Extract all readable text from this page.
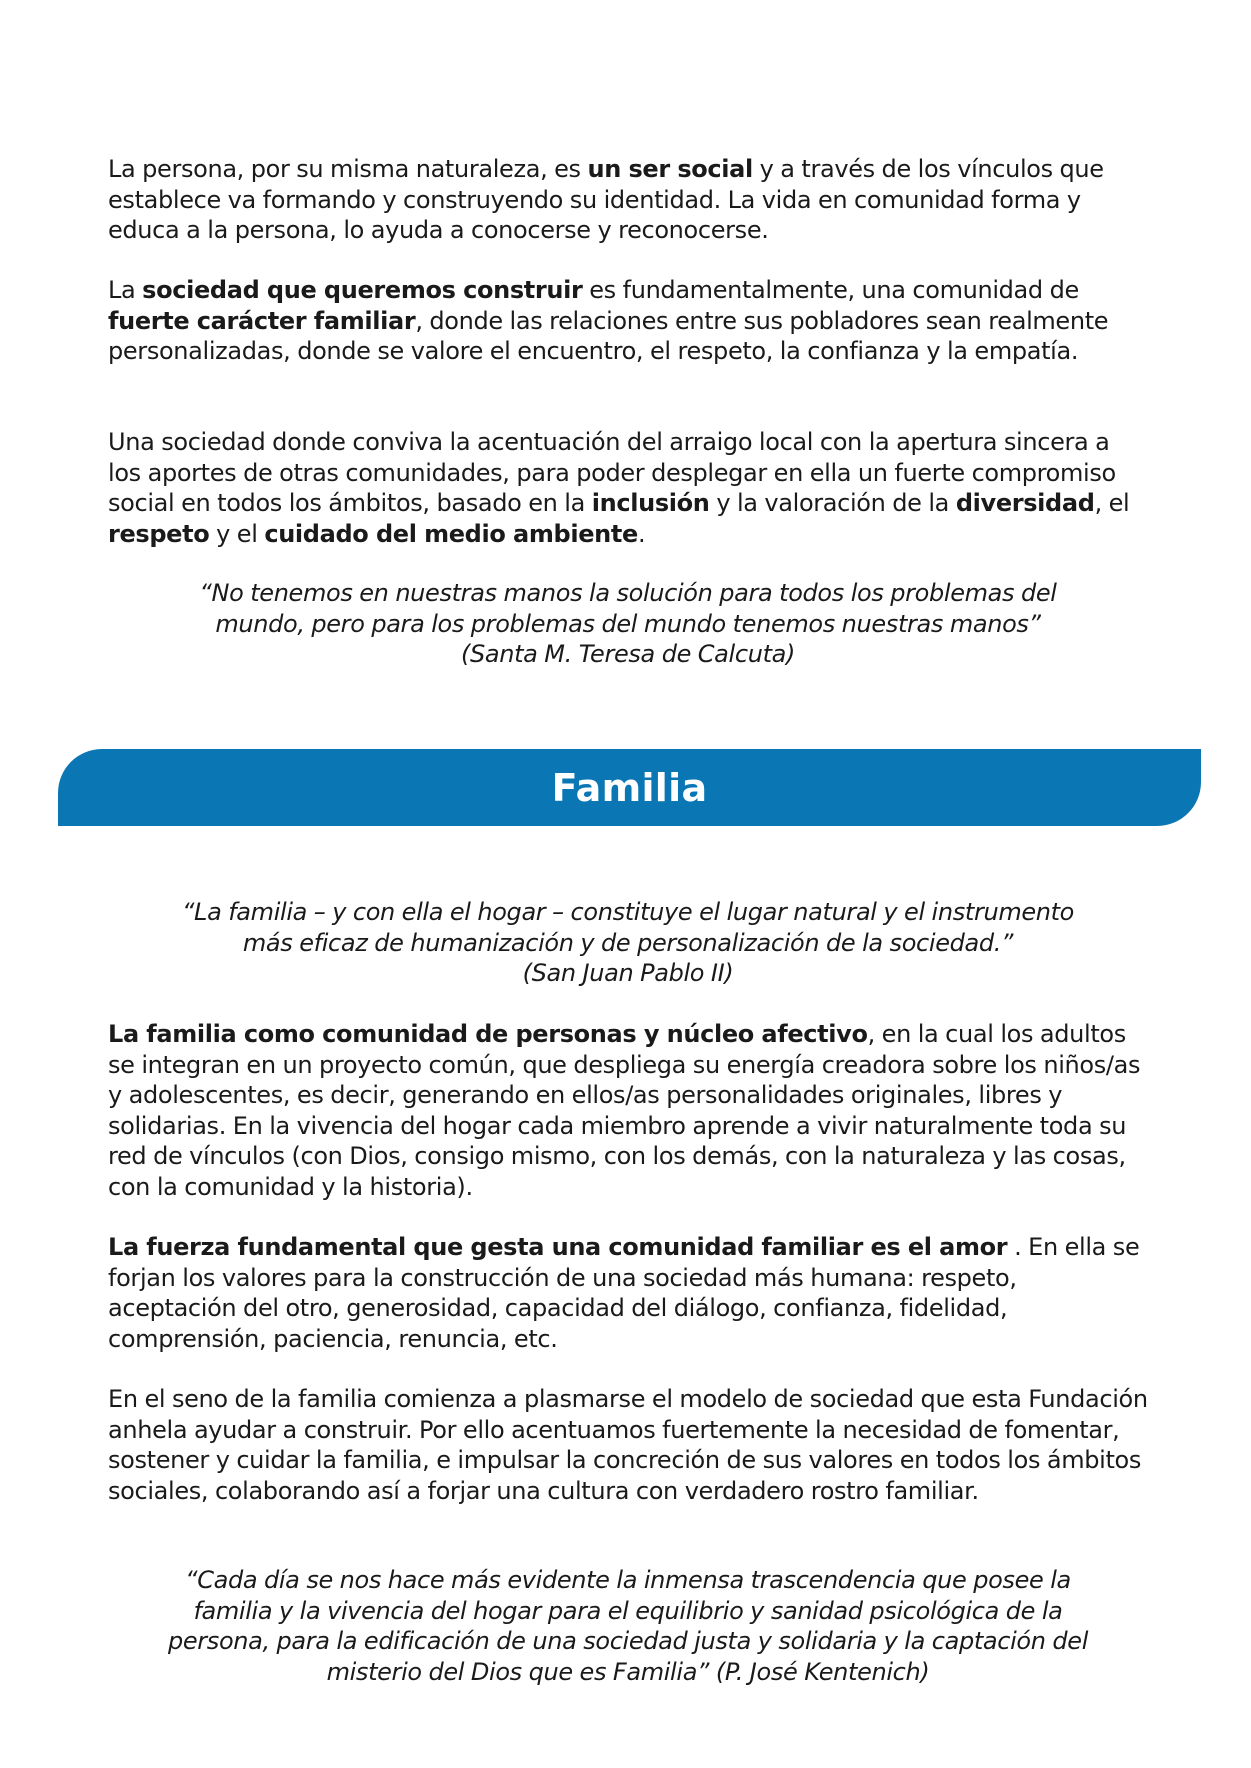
La persona, por su misma naturaleza, es un ser social y a través de los vínculos que establece va formando y construyendo su identidad. La vida en comunidad forma y educa a la persona, lo ayuda a conocerse y reconocerse.

La sociedad que queremos construir es fundamentalmente, una comunidad de fuerte carácter familiar, donde las relaciones entre sus pobladores sean realmente personalizadas, donde se valore el encuentro, el respeto, la confianza y la empatía.

Una sociedad donde conviva la acentuación del arraigo local con la apertura sincera a los aportes de otras comunidades, para poder desplegar en ella un fuerte compromiso social en todos los ámbitos, basado en la inclusión y la valoración de la diversidad, el respeto y el cuidado del medio ambiente.

“No tenemos en nuestras manos la solución para todos los problemas del
mundo, pero para los problemas del mundo tenemos nuestras manos”
(Santa M. Teresa de Calcuta)

Familia

“La familia – y con ella el hogar – constituye el lugar natural y el instrumento
más eficaz de humanización y de personalización de la sociedad.”
(San Juan Pablo II)

La familia como comunidad de personas y núcleo afectivo, en la cual los adultos se integran en un proyecto común, que despliega su energía creadora sobre los niños/as y adolescentes, es decir, generando en ellos/as personalidades originales, libres y solidarias. En la vivencia del hogar cada miembro aprende a vivir naturalmente toda su red de vínculos (con Dios, consigo mismo, con los demás, con la naturaleza y las cosas, con la comunidad y la historia).

La fuerza fundamental que gesta una comunidad familiar es el amor . En ella se forjan los valores para la construcción de una sociedad más humana: respeto, aceptación del otro, generosidad, capacidad del diálogo, confianza, fidelidad, comprensión, paciencia, renuncia, etc.

En el seno de la familia comienza a plasmarse el modelo de sociedad que esta Fundación anhela ayudar a construir. Por ello acentuamos fuertemente la necesidad de fomentar, sostener y cuidar la familia, e impulsar la concreción de sus valores en todos los ámbitos sociales, colaborando así a forjar una cultura con verdadero rostro familiar.

“Cada día se nos hace más evidente la inmensa trascendencia que posee la
familia y la vivencia del hogar para el equilibrio y sanidad psicológica de la
persona, para la edificación de una sociedad justa y solidaria y la captación del
misterio del Dios que es Familia” (P. José Kentenich)
